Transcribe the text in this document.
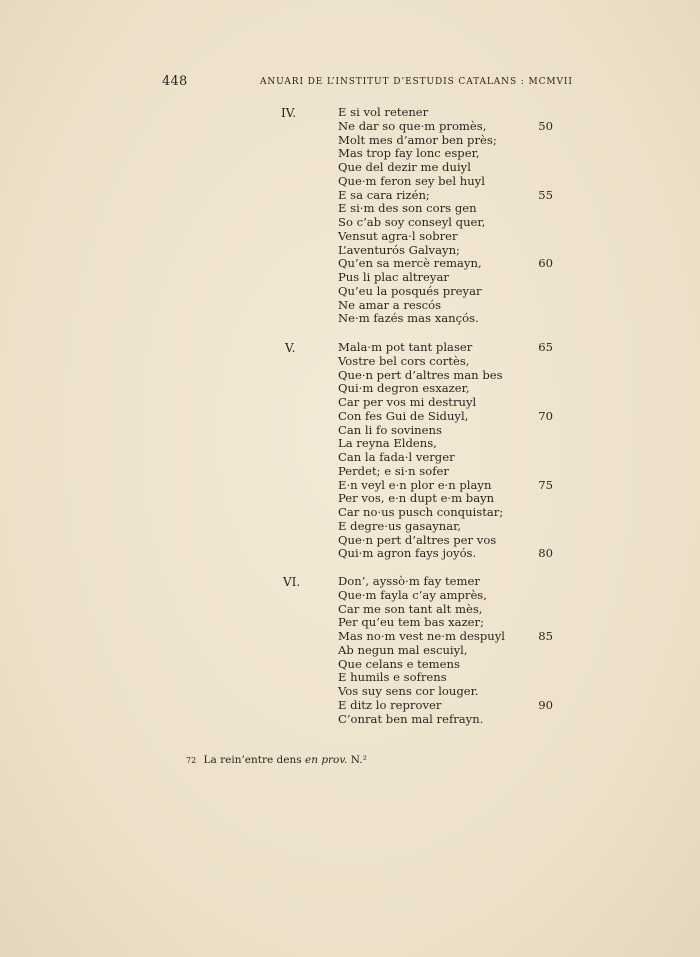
448	ANUARI DE L’INSTITUT D’ESTUDIS CATALANS : MCMVII
IV.	E si vol retener
Ne dar so que·m promès,	50
Molt mes d’amor ben près;
Mas trop fay lonc esper,
Que del dezir me duiyl
Que·m feron sey bel huyl
E sa cara rizén;	55
E si·m des son cors gen
So c’ab soy conseyl quer,
Vensut agra·l sobrer
L’aventurós Galvayn;
Qu’en sa mercè remayn,	60
Pus li plac altreyar
Qu’eu la posqués preyar
Ne amar a rescós
Ne·m fazés mas xançós.
V.	Mala·m pot tant plaser	65
Vostre bel cors cortès,
Que·n pert d’altres man bes
Qui·m degron esxazer,
Car per vos mi destruyl
Con fes Gui de Siduyl,	70
Can li fo sovinens
La reyna Eldens,
Can la fada·l verger
Perdet; e si·n sofer
E·n veyl e·n plor e·n playn	75
Per vos, e·n dupt e·m bayn
Car no·us pusch conquistar;
E degre·us gasaynar,
Que·n pert d’altres per vos
Qui·m agron fays joyós.	80
VI.	Don’, ayssò·m fay temer
Que·m fayla c’ay amprès,
Car me son tant alt mès,
Per qu’eu tem bas xazer;
Mas no·m vest ne·m despuyl	85
Ab negun mal escuiyl,
Que celans e temens
E humils e sofrens
Vos suy sens cor louger.
E ditz lo reprover	90
C’onrat ben mal refrayn.
72 La rein’entre dens en prov. N.²
